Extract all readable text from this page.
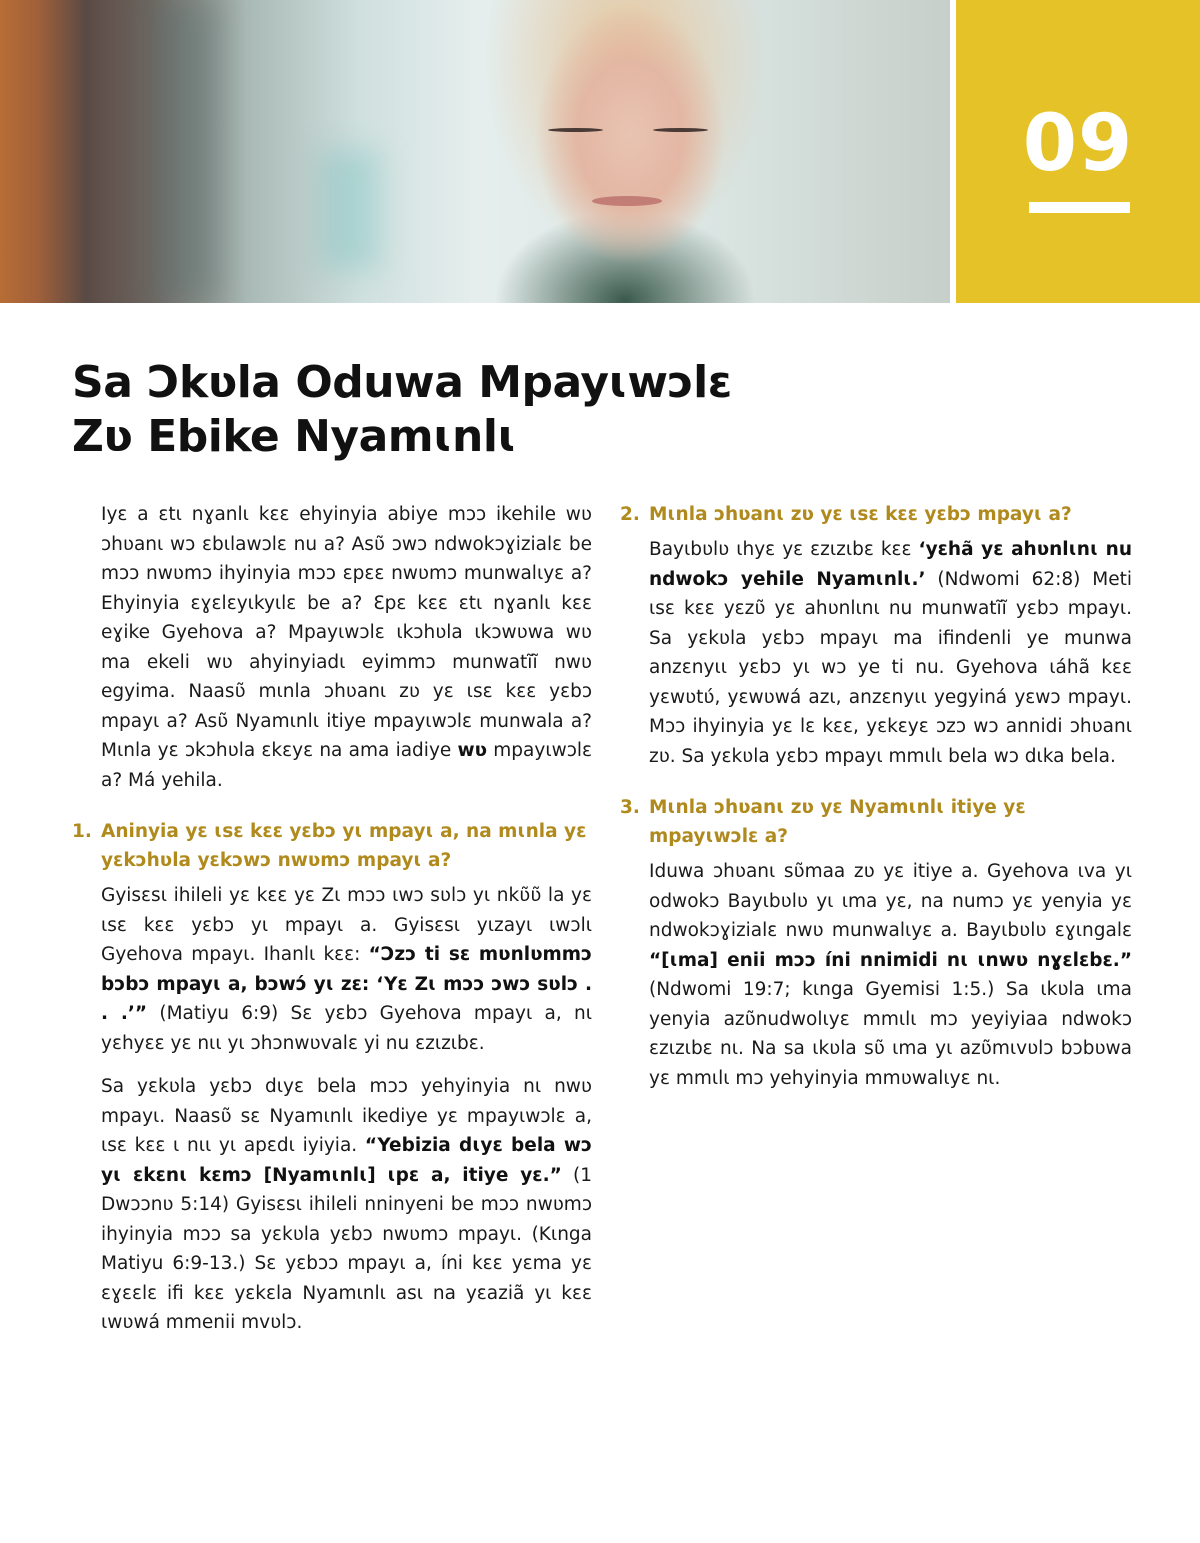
09
Sa Ɔkʋla Oduwa Mpayɩwɔlɛ
Zʋ Ebike Nyamɩnlɩ

Iyɛ a ɛtɩ nɣanlɩ kɛɛ ehyinyia abiye mɔɔ ikehile wʋ ɔhʋanɩ wɔ ɛbɩlawɔlɛ nu a? Asʋ̃ ɔwɔ ndwokɔɣizialɛ be mɔɔ nwʋmɔ ihyinyia mɔɔ ɛpɛɛ nwʋmɔ munwalɩyɛ a? Ehyinyia ɛɣɛlɛyɩkyɩlɛ be a? Ɛpɛ kɛɛ ɛtɩ nɣanlɩ kɛɛ eɣike Gyehova a? Mpayɩwɔlɛ ɩkɔhʋla ɩkɔwʋwa wʋ ma ekeli wʋ ahyinyiadɩ eyimmɔ munwatĩĩ nwʋ egyima. Naasʋ̃ mɩnla ɔhʋanɩ zʋ yɛ ɩsɛ kɛɛ yɛbɔ mpayɩ a? Asʋ̃ Nyamɩnlɩ itiye mpayɩwɔlɛ munwala a? Mɩnla yɛ ɔkɔhʋla ɛkɛyɛ na ama iadiye wʋ mpayɩwɔlɛ a? Má yehila.

1. Aninyia yɛ ɩsɛ kɛɛ yɛbɔ yɩ mpayɩ a, na mɩnla yɛ yɛkɔhʋla yɛkɔwɔ nwʋmɔ mpayɩ a?

Gyisɛsɩ ihileli yɛ kɛɛ yɛ Zɩ mɔɔ ɩwɔ sʋlɔ yɩ nkʋ̃ʋ̃ la yɛ ɩsɛ kɛɛ yɛbɔ yɩ mpayɩ a. Gyisɛsɩ yɩzayɩ ɩwɔlɩ Gyehova mpayɩ. Ihanlɩ kɛɛ: “Ɔzɔ ti sɛ mʋnlʋmmɔ bɔbɔ mpayɩ a, bɔwɔ́ yɩ zɛ: ‘Yɛ Zɩ mɔɔ ɔwɔ sʋlɔ . . .’” (Matiyu 6:9) Sɛ yɛbɔ Gyehova mpayɩ a, nɩ yɛhyɛɛ yɛ nɩɩ yɩ ɔhɔnwʋvalɛ yi nu ɛzɩzɩbɛ.

Sa yɛkʋla yɛbɔ dɩyɛ bela mɔɔ yehyinyia nɩ nwʋ mpayɩ. Naasʋ̃ sɛ Nyamɩnlɩ ikediye yɛ mpayɩwɔlɛ a, ɩsɛ kɛɛ ɩ nɩɩ yɩ apɛdɩ iyiyia. “Yebizia dɩyɛ bela wɔ yɩ ɛkɛnɩ kɛmɔ [Nyamɩnlɩ] ɩpɛ a, itiye yɛ.” (1 Dwɔɔnʋ 5:14) Gyisɛsɩ ihileli nninyeni be mɔɔ nwʋmɔ ihyinyia mɔɔ sa yɛkʋla yɛbɔ nwʋmɔ mpayɩ. (Kɩnga Matiyu 6:9-13.) Sɛ yɛbɔɔ mpayɩ a, íni kɛɛ yɛma yɛ ɛɣɛɛlɛ ifi kɛɛ yɛkɛla Nyamɩnlɩ asɩ na yɛaziã yɩ kɛɛ ɩwʋwá mmenii mvʋlɔ.

2. Mɩnla ɔhʋanɩ zʋ yɛ ɩsɛ kɛɛ yɛbɔ mpayɩ a?

Bayɩbʋlʋ ɩhyɛ yɛ ɛzɩzɩbɛ kɛɛ ‘yɛhã yɛ ahʋnlɩnɩ nu ndwokɔ yehile Nyamɩnlɩ.’ (Ndwomi 62:8) Meti ɩsɛ kɛɛ yɛzʋ̃ yɛ ahʋnlɩnɩ nu munwatĩĩ yɛbɔ mpayɩ. Sa yɛkʋla yɛbɔ mpayɩ ma ifindenli ye munwa anzɛnyɩɩ yɛbɔ yɩ wɔ ye ti nu. Gyehova ɩáhã kɛɛ yɛwʋtʋ́, yɛwʋwá azɩ, anzɛnyɩɩ yegyiná yɛwɔ mpayɩ. Mɔɔ ihyinyia yɛ lɛ kɛɛ, yɛkɛyɛ ɔzɔ wɔ annidi ɔhʋanɩ zʋ. Sa yɛkʋla yɛbɔ mpayɩ mmɩlɩ bela wɔ dɩka bela.

3. Mɩnla ɔhʋanɩ zʋ yɛ Nyamɩnlɩ itiye yɛ mpayɩwɔlɛ a?

Iduwa ɔhʋanɩ sʋ̃maa zʋ yɛ itiye a. Gyehova ɩva yɩ odwokɔ Bayɩbʋlʋ yɩ ɩma yɛ, na numɔ yɛ yenyia yɛ ndwokɔɣizialɛ nwʋ munwalɩyɛ a. Bayɩbʋlʋ ɛɣɩngalɛ “[ɩma] enii mɔɔ íni nnimidi nɩ ɩnwʋ nɣɛlɛbɛ.” (Ndwomi 19:7; kɩnga Gyemisi 1:5.) Sa ɩkʋla ɩma yenyia azʋ̃nudwolɩyɛ mmɩlɩ mɔ yeyiyiaa ndwokɔ ɛzɩzɩbɛ nɩ. Na sa ɩkʋla sʋ̃ ɩma yɩ azʋ̃mɩvʋlɔ bɔbʋwa yɛ mmɩlɩ mɔ yehyinyia mmʋwalɩyɛ nɩ.
